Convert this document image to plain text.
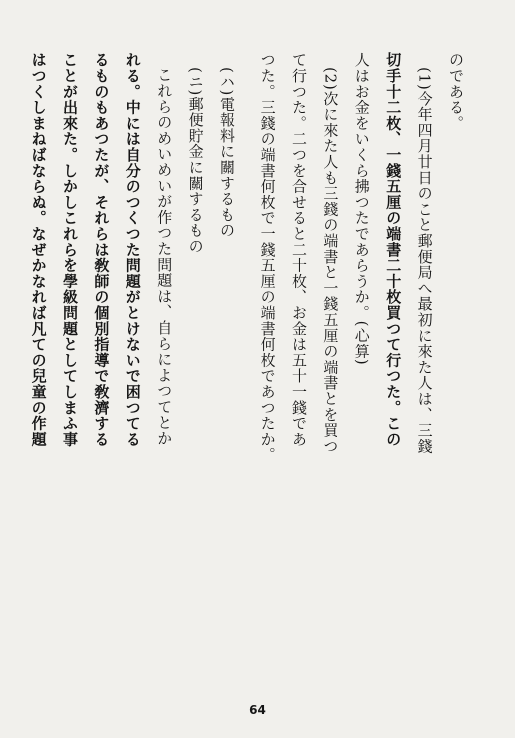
のである。
(1)今年四月廿日のこと郵便局へ最初に來た人は、三錢
切手十二枚、一錢五厘の端書二十枚買つて行つた。この
人はお金をいくら拂つたであらうか。(心算)
(2)次に來た人も三錢の端書と一錢五厘の端書とを買つ
て行つた。二つを合せると二十枚、お金は五十一錢であ
つた。三錢の端書何枚で一錢五厘の端書何枚であつたか。
(ハ)電報料に關するもの
(ニ)郵便貯金に關するもの
これらのめいめいが作つた問題は、自らによつてとか
れる。中には自分のつくつた問題がとけないで困つてる
るものもあつたが、それらは敎師の個別指導で敎濟する
ことが出來た。しかしこれらを學級問題としてしまふ事
はつくしまねばならぬ。なぜかなれば凡ての兒童の作題
64
